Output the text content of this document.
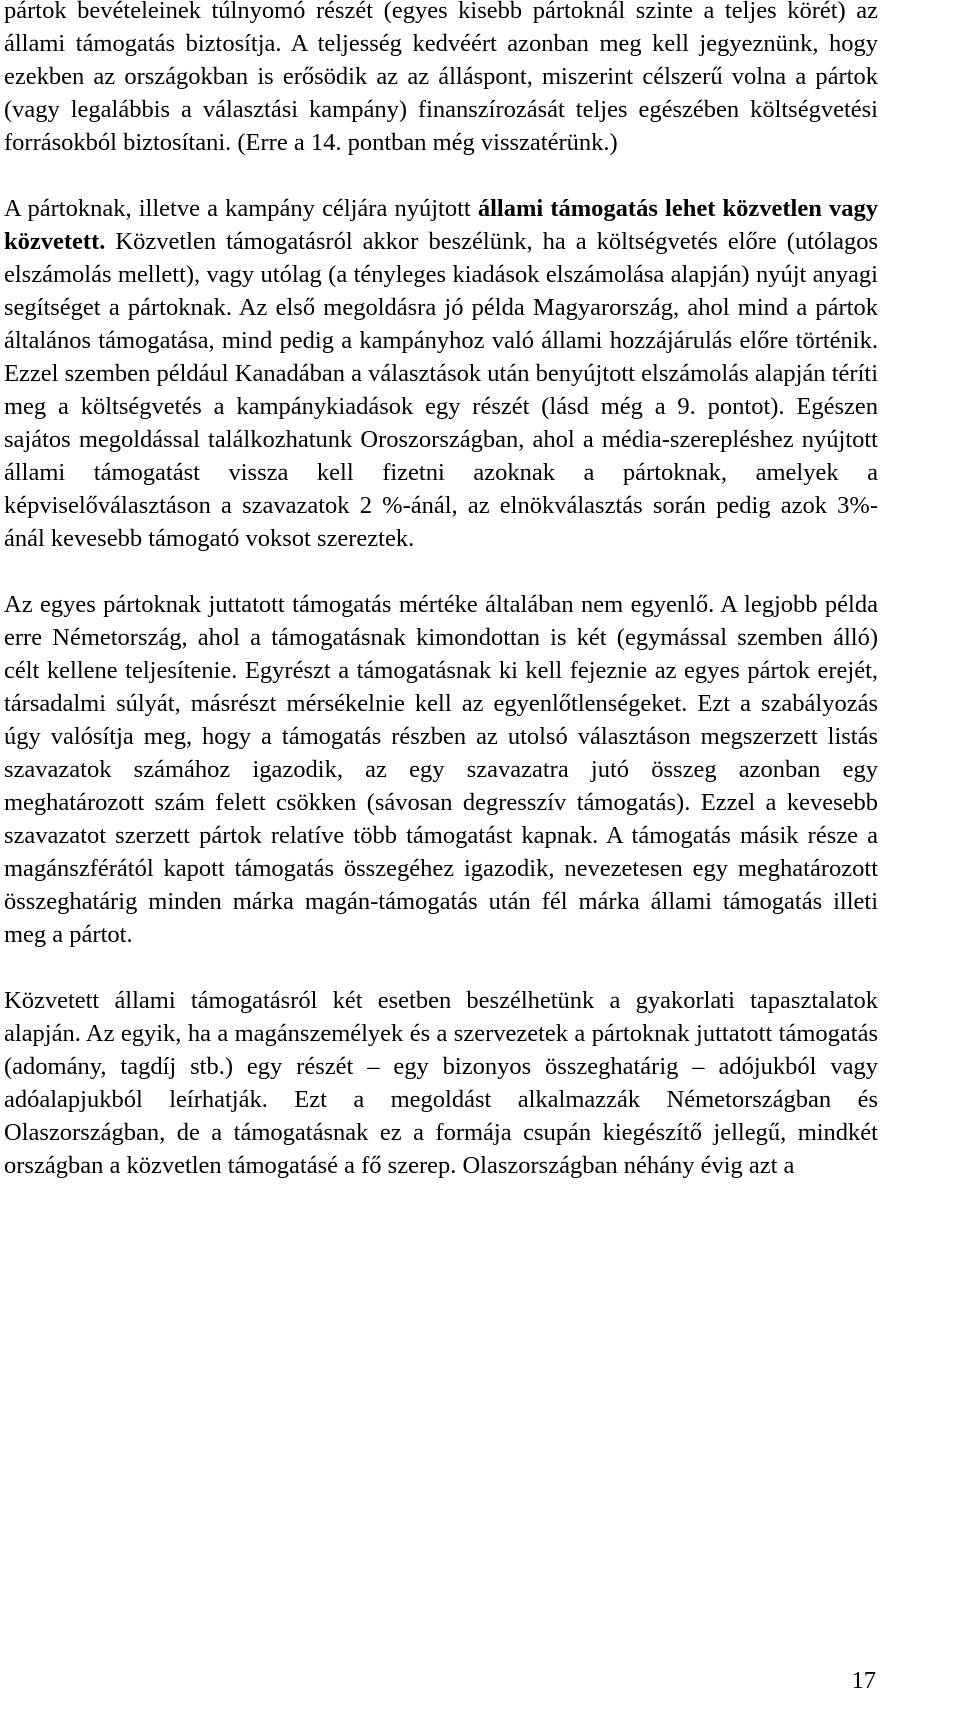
pártok bevételeinek túlnyomó részét (egyes kisebb pártoknál szinte a teljes körét) az állami támogatás biztosítja. A teljesség kedvéért azonban meg kell jegyeznünk, hogy ezekben az országokban is erősödik az az álláspont, miszerint célszerű volna a pártok (vagy legalábbis a választási kampány) finanszírozását teljes egészében költségvetési forrásokból biztosítani. (Erre a 14. pontban még visszatérünk.)

A pártoknak, illetve a kampány céljára nyújtott állami támogatás lehet közvetlen vagy közvetett. Közvetlen támogatásról akkor beszélünk, ha a költségvetés előre (utólagos elszámolás mellett), vagy utólag (a tényleges kiadások elszámolása alapján) nyújt anyagi segítséget a pártoknak. Az első megoldásra jó példa Magyarország, ahol mind a pártok általános támogatása, mind pedig a kampányhoz való állami hozzájárulás előre történik. Ezzel szemben például Kanadában a választások után benyújtott elszámolás alapján téríti meg a költségvetés a kampánykiadások egy részét (lásd még a 9. pontot). Egészen sajátos megoldással találkozhatunk Oroszországban, ahol a média-szerepléshez nyújtott állami támogatást vissza kell fizetni azoknak a pártoknak, amelyek a képviselőválasztáson a szavazatok 2 %-ánál, az elnökválasztás során pedig azok 3%-ánál kevesebb támogató voksot szereztek.

Az egyes pártoknak juttatott támogatás mértéke általában nem egyenlő. A legjobb példa erre Németország, ahol a támogatásnak kimondottan is két (egymással szemben álló) célt kellene teljesítenie. Egyrészt a támogatásnak ki kell fejeznie az egyes pártok erejét, társadalmi súlyát, másrészt mérsékelnie kell az egyenlőtlenségeket. Ezt a szabályozás úgy valósítja meg, hogy a támogatás részben az utolsó választáson megszerzett listás szavazatok számához igazodik, az egy szavazatra jutó összeg azonban egy meghatározott szám felett csökken (sávosan degresszív támogatás). Ezzel a kevesebb szavazatot szerzett pártok relatíve több támogatást kapnak. A támogatás másik része a magánszférától kapott támogatás összegéhez igazodik, nevezetesen egy meghatározott összeghatárig minden márka magán-támogatás után fél márka állami támogatás illeti meg a pártot.

Közvetett állami támogatásról két esetben beszélhetünk a gyakorlati tapasztalatok alapján. Az egyik, ha a magánszemélyek és a szervezetek a pártoknak juttatott támogatás (adomány, tagdíj stb.) egy részét – egy bizonyos összeghatárig – adójukból vagy adóalapjukból leírhatják. Ezt a megoldást alkalmazzák Németországban és Olaszországban, de a támogatásnak ez a formája csupán kiegészítő jellegű, mindkét országban a közvetlen támogatásé a fő szerep. Olaszországban néhány évig azt a

17
